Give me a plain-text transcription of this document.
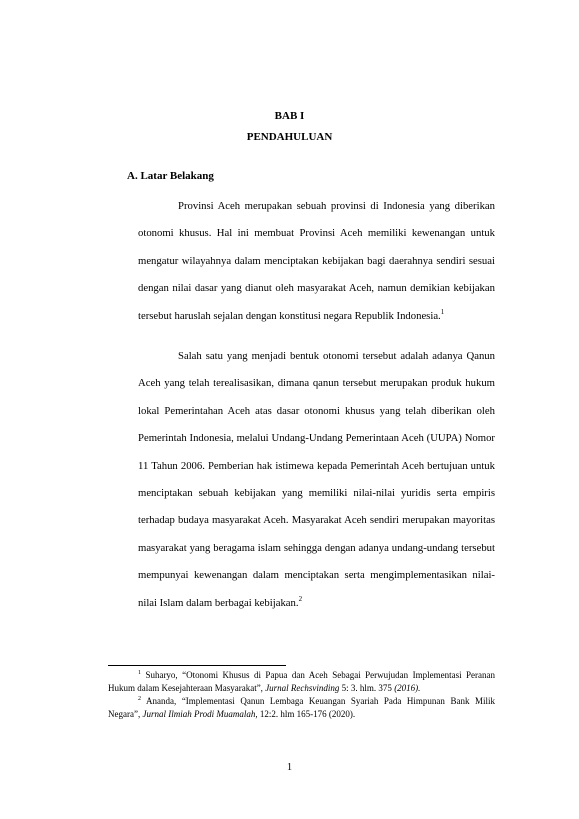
BAB I
PENDAHULUAN
A. Latar Belakang

Provinsi Aceh merupakan sebuah provinsi di Indonesia yang diberikan otonomi khusus. Hal ini membuat Provinsi Aceh memiliki kewenangan untuk mengatur wilayahnya dalam menciptakan kebijakan bagi daerahnya sendiri sesuai dengan nilai dasar yang dianut oleh masyarakat Aceh, namun demikian kebijakan tersebut haruslah sejalan dengan konstitusi negara Republik Indonesia.$^1$

Salah satu yang menjadi bentuk otonomi tersebut adalah adanya Qanun Aceh yang telah terealisasikan, dimana qanun tersebut merupakan produk hukum lokal Pemerintahan Aceh atas dasar otonomi khusus yang telah diberikan oleh Pemerintah Indonesia, melalui Undang-Undang Pemerintaan Aceh (UUPA) Nomor 11 Tahun 2006. Pemberian hak istimewa kepada Pemerintah Aceh bertujuan untuk menciptakan sebuah kebijakan yang memiliki nilai-nilai yuridis serta empiris terhadap budaya masyarakat Aceh. Masyarakat Aceh sendiri merupakan mayoritas masyarakat yang beragama islam sehingga dengan adanya undang-undang tersebut mempunyai kewenangan dalam menciptakan serta mengimplementasikan nilai-nilai Islam dalam berbagai kebijakan.$^2$

$^1$ Suharyo, “Otonomi Khusus di Papua dan Aceh Sebagai Perwujudan Implementasi Peranan Hukum dalam Kesejahteraan Masyarakat”, Jurnal Rechsvinding 5: 3. hlm. 375 (2016).

$^2$ Ananda, “Implementasi Qanun Lembaga Keuangan Syariah Pada Himpunan Bank Milik Negara”, Jurnal Ilmiah Prodi Muamalah, 12:2. hlm 165-176 (2020).

1
